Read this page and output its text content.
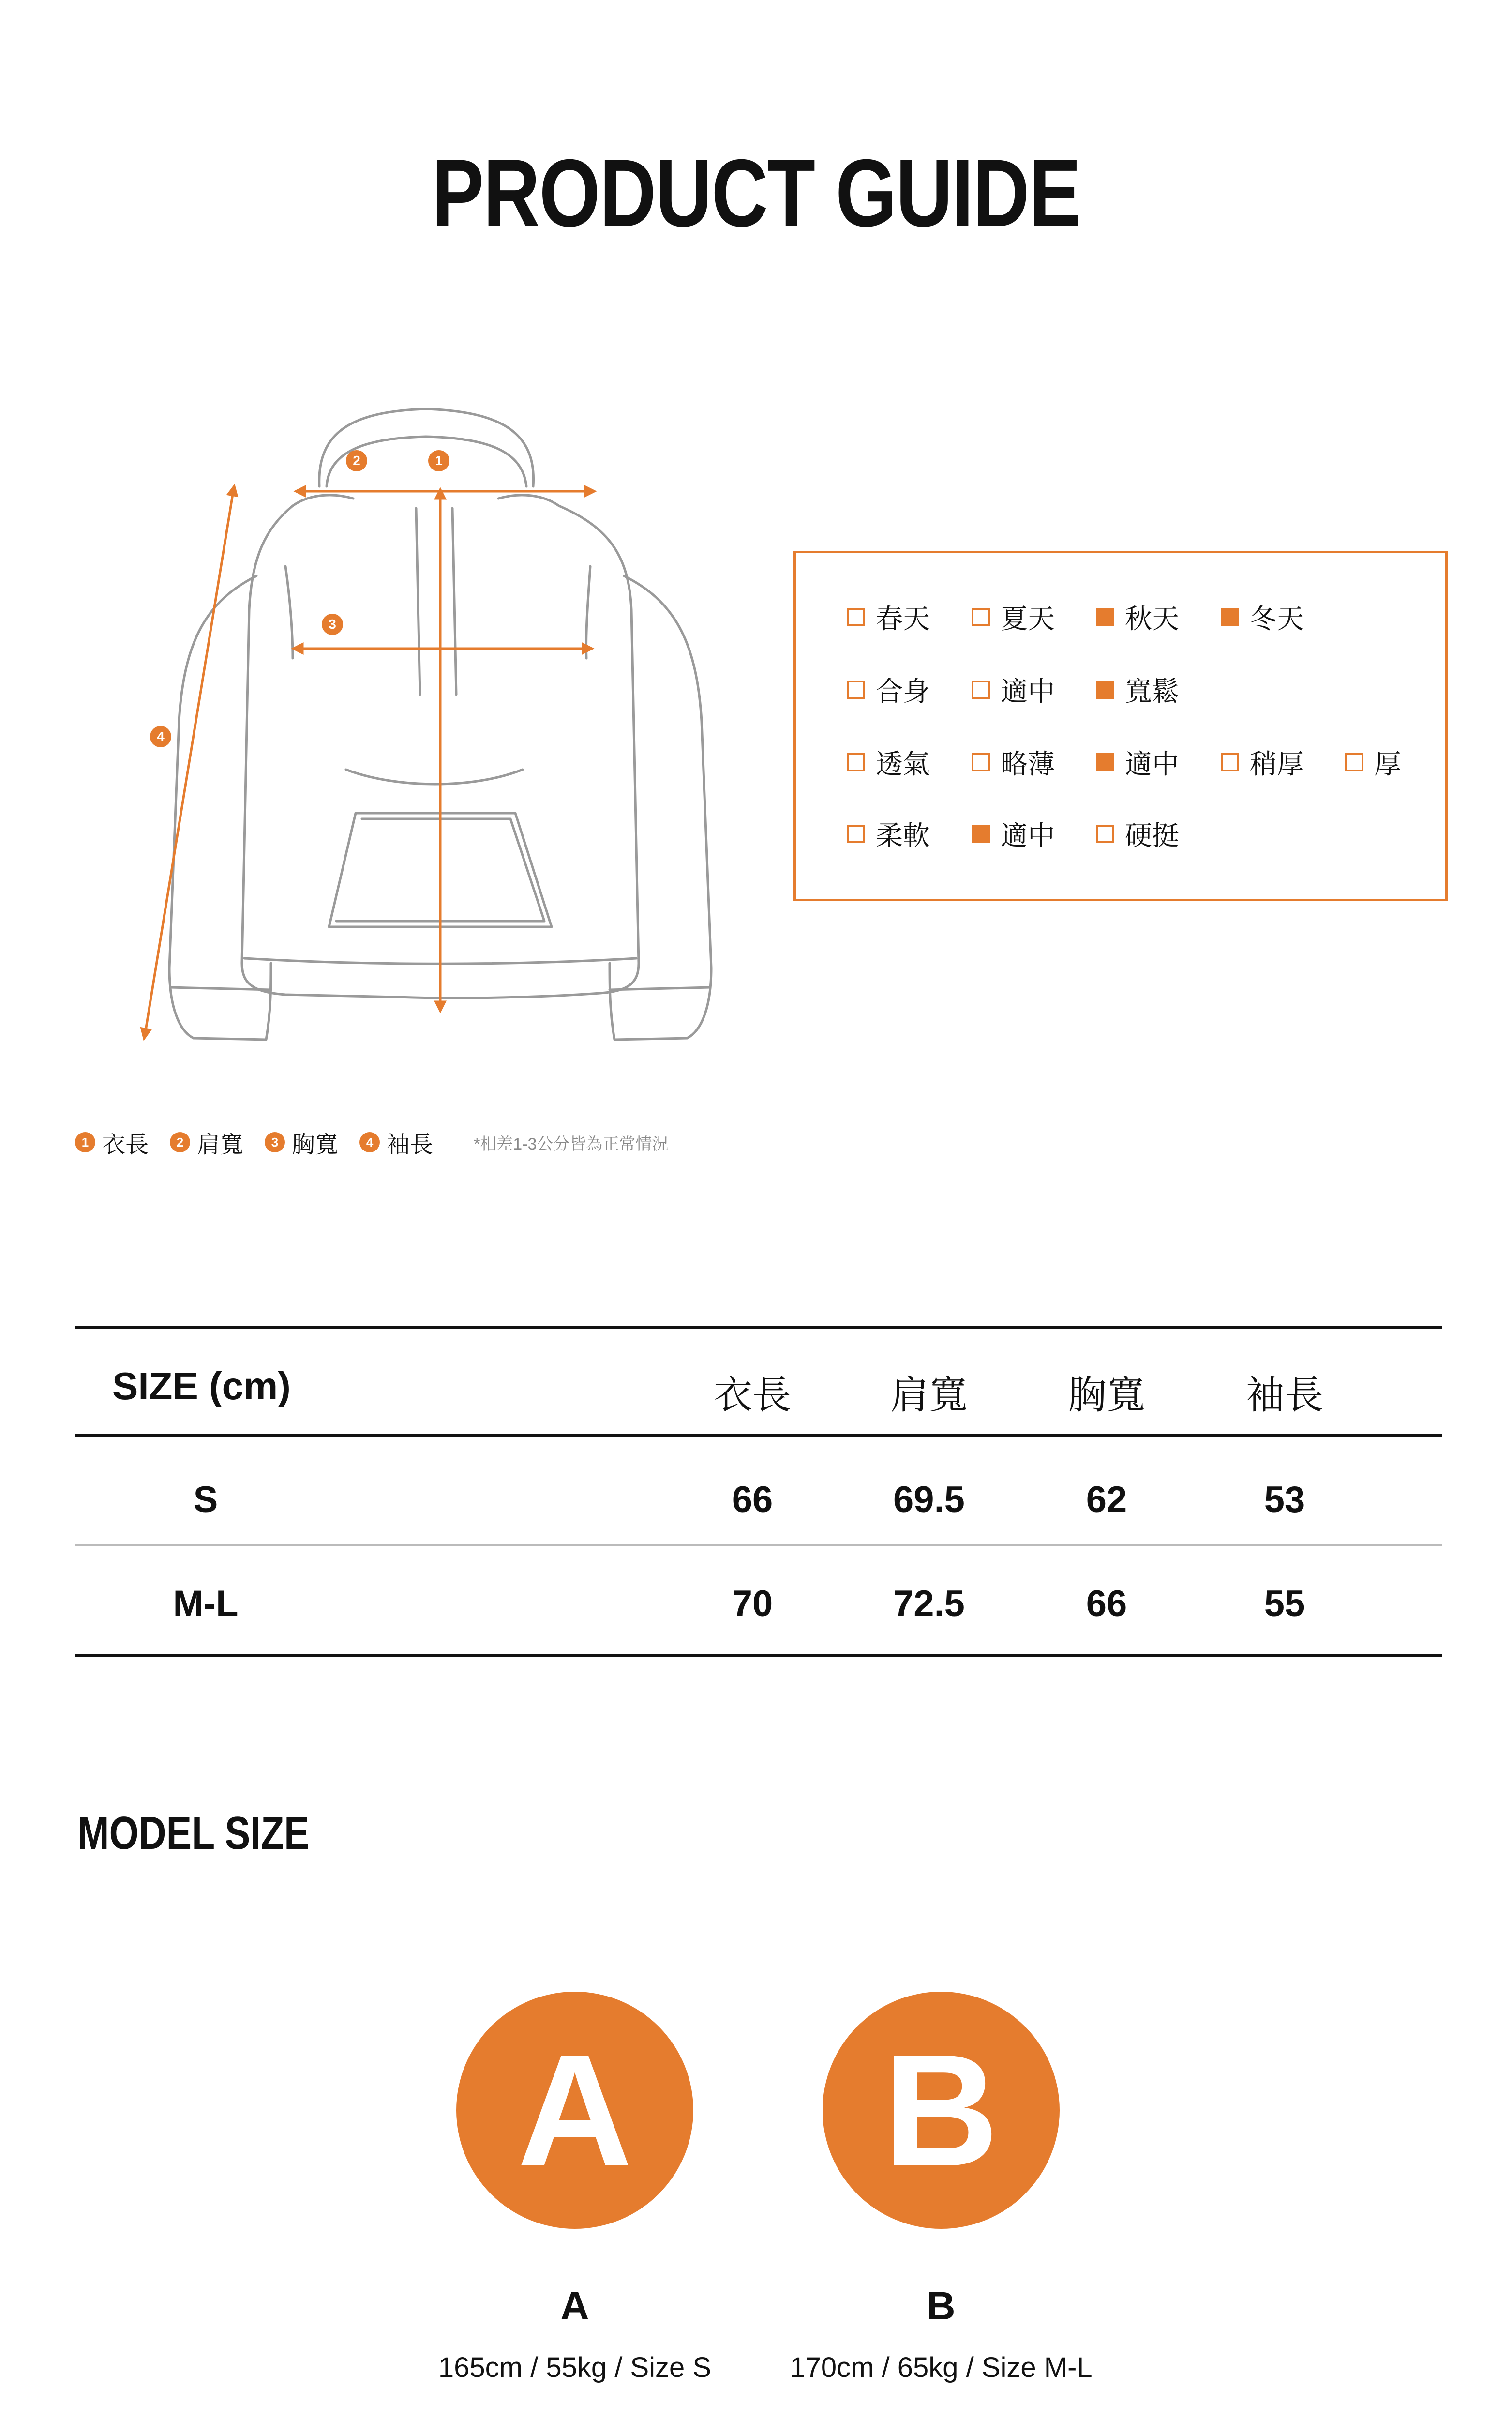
PRODUCT GUIDE
1
2
3
4
春天	夏天	秋天	冬天
合身	適中	寬鬆
透氣	略薄	適中	稍厚	厚
柔軟	適中	硬挺
1 衣長	2 肩寬	3 胸寬	4 袖長 *相差1-3公分皆為正常情況
SIZE (cm)	衣長	肩寬	胸寬	袖長
S	66	69.5	62	53
M-L	70	72.5	66	55
MODEL SIZE
A	B
A	B
165cm / 55kg / Size S	170cm / 65kg / Size M-L
